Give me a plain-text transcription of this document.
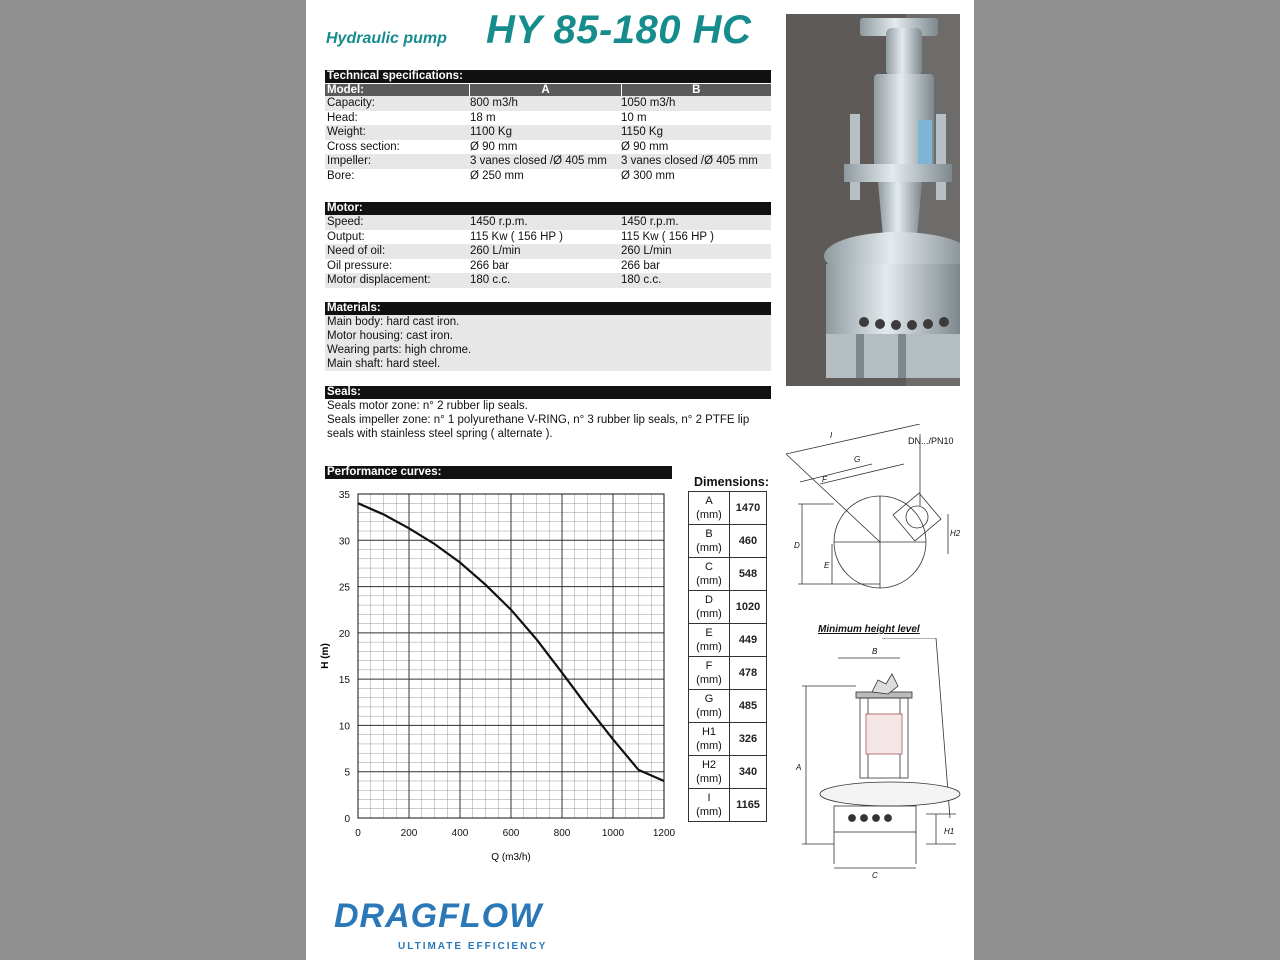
Hydraulic pump HY 85-180 HC
Technical specifications:
Model:	A	B
Capacity:	800 m3/h	1050 m3/h
Head:	18 m	10 m
Weight:	1100 Kg	1150 Kg
Cross section:	Ø 90 mm	Ø 90 mm
Impeller:	3 vanes closed /Ø 405 mm	3 vanes closed /Ø 405 mm
Bore:	Ø 250 mm	Ø 300 mm
Motor:
Speed:	1450 r.p.m.	1450 r.p.m.
Output:	115 Kw ( 156 HP )	115 Kw ( 156 HP )
Need of oil:	260 L/min	260 L/min
Oil pressure:	266 bar	266 bar
Motor displacement:	180 c.c.	180 c.c.
Materials:
Main body: hard cast iron.
Motor housing: cast iron.
Wearing parts: high chrome.
Main shaft: hard steel.
Seals:
Seals motor zone: n° 2 rubber lip seals.
Seals impeller zone: n° 1 polyurethane V-RING, n° 3 rubber lip seals, n° 2 PTFE lip
seals with stainless steel spring ( alternate ).
Performance curves:
0	200	400	600	800	1000	1200
0
5
10
15
20
25
30
35
Q (m3/h)
H (m)
Dimensions:
A
(mm)	1470

B
(mm)	460

C
(mm)	548

D
(mm)	1020

E
(mm)	449

F
(mm)	478

G
(mm)	485

H1
(mm)	326

H2
(mm)	340

I
(mm)	1165
DN.../PN10
I
G
F
D
E
H2
Minimum height level
B
A
C
H1
DRAGFLOW
ULTIMATE EFFICIENCY
